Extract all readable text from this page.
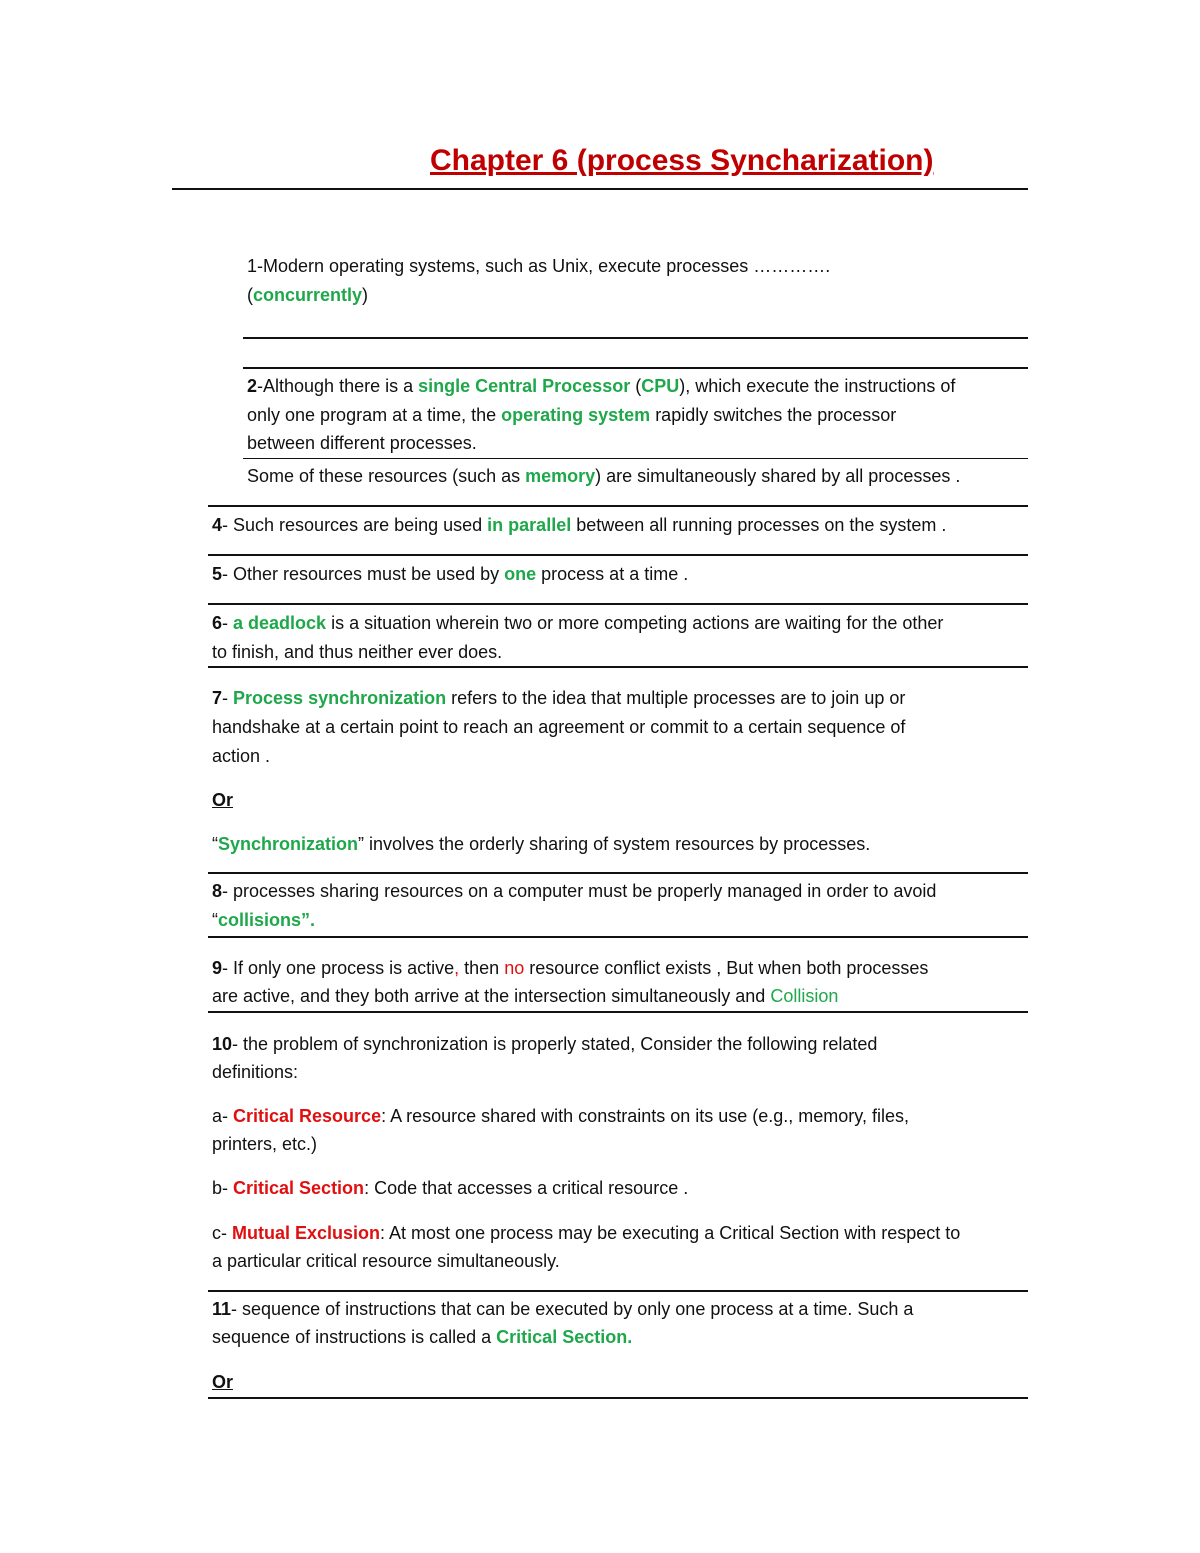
Chapter 6 (process Syncharization)
1-Modern operating systems, such as Unix, execute processes ………….
(concurrently)
2-Although there is a single Central Processor (CPU), which execute the instructions of
only one program at a time, the operating system rapidly switches the processor
between different processes.
Some of these resources (such as memory) are simultaneously shared by all processes .
4- Such resources are being used in parallel between all running processes on the system .
5- Other resources must be used by one process at a time .
6- a deadlock is a situation wherein two or more competing actions are waiting for the other
to finish, and thus neither ever does.
7- Process synchronization refers to the idea that multiple processes are to join up or
handshake at a certain point to reach an agreement or commit to a certain sequence of
action .
Or
“Synchronization” involves the orderly sharing of system resources by processes.
8- processes sharing resources on a computer must be properly managed in order to avoid
“collisions”.
9- If only one process is active, then no resource conflict exists , But when both processes
are active, and they both arrive at the intersection simultaneously and Collision
10- the problem of synchronization is properly stated, Consider the following related
definitions:
a- Critical Resource: A resource shared with constraints on its use (e.g., memory, files,
printers, etc.)
b- Critical Section: Code that accesses a critical resource .
c- Mutual Exclusion: At most one process may be executing a Critical Section with respect to
a particular critical resource simultaneously.
11- sequence of instructions that can be executed by only one process at a time. Such a
sequence of instructions is called a Critical Section.
Or
